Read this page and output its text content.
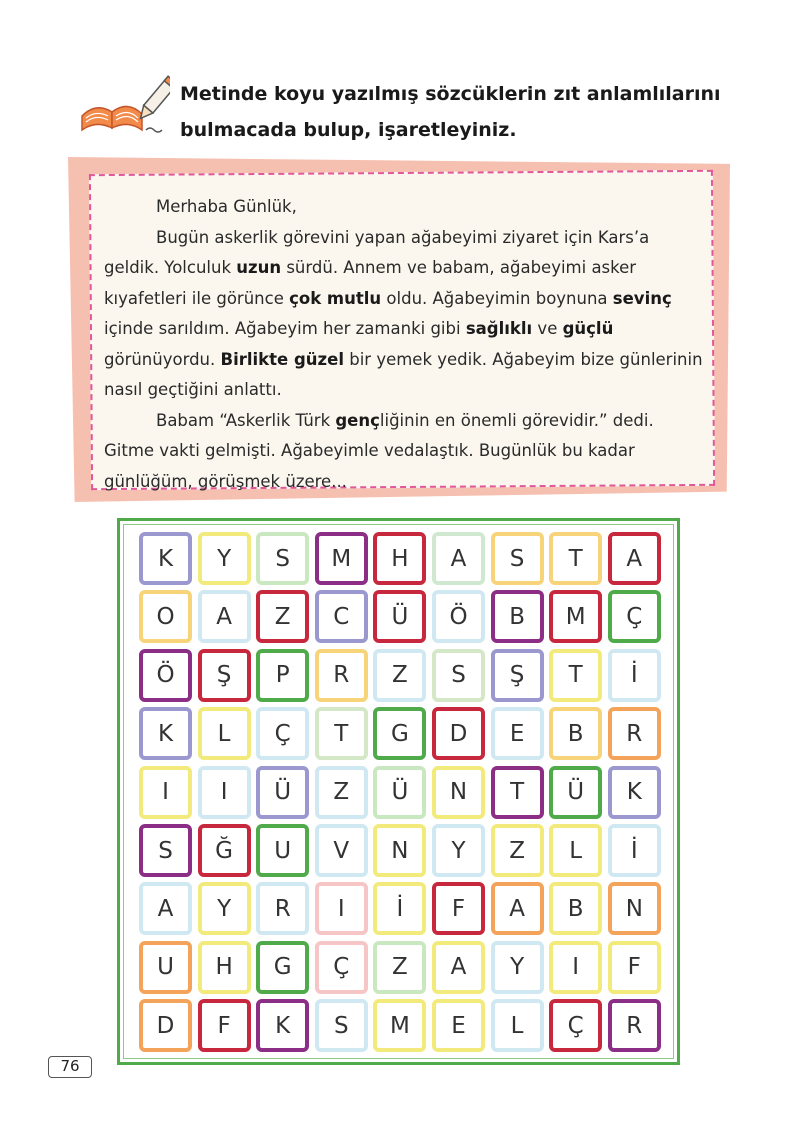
Metinde koyu yazılmış sözcüklerin zıt anlamlılarını
bulmacada bulup, işaretleyiniz.

Merhaba Günlük,

Bugün askerlik görevini yapan ağabeyimi ziyaret için Kars’a geldik. Yolculuk uzun sürdü. Annem ve babam, ağabeyimi asker kıyafetleri ile görünce çok mutlu oldu. Ağabeyimin boynuna sevinç içinde sarıldım. Ağabeyim her zamanki gibi sağlıklı ve güçlü görünüyordu. Birlikte güzel bir yemek yedik. Ağabeyim bize günlerinin nasıl geçtiğini anlattı.

Babam “Askerlik Türk gençliğinin en önemli görevidir.” dedi. Gitme vakti gelmişti. Ağabeyimle vedalaştık. Bugünlük bu kadar günlüğüm, görüşmek üzere...

76
K	Y	S	M	H	A	S	T	A
O	A	Z	C	Ü	Ö	B	M	Ç
Ö	Ş	P	R	Z	S	Ş	T	İ
K	L	Ç	T	G	D	E	B	R
I	I	Ü	Z	Ü	N	T	Ü	K
S	Ğ	U	V	N	Y	Z	L	İ
A	Y	R	I	İ	F	A	B	N
U	H	G	Ç	Z	A	Y	I	F
D	F	K	S	M	E	L	Ç	R
